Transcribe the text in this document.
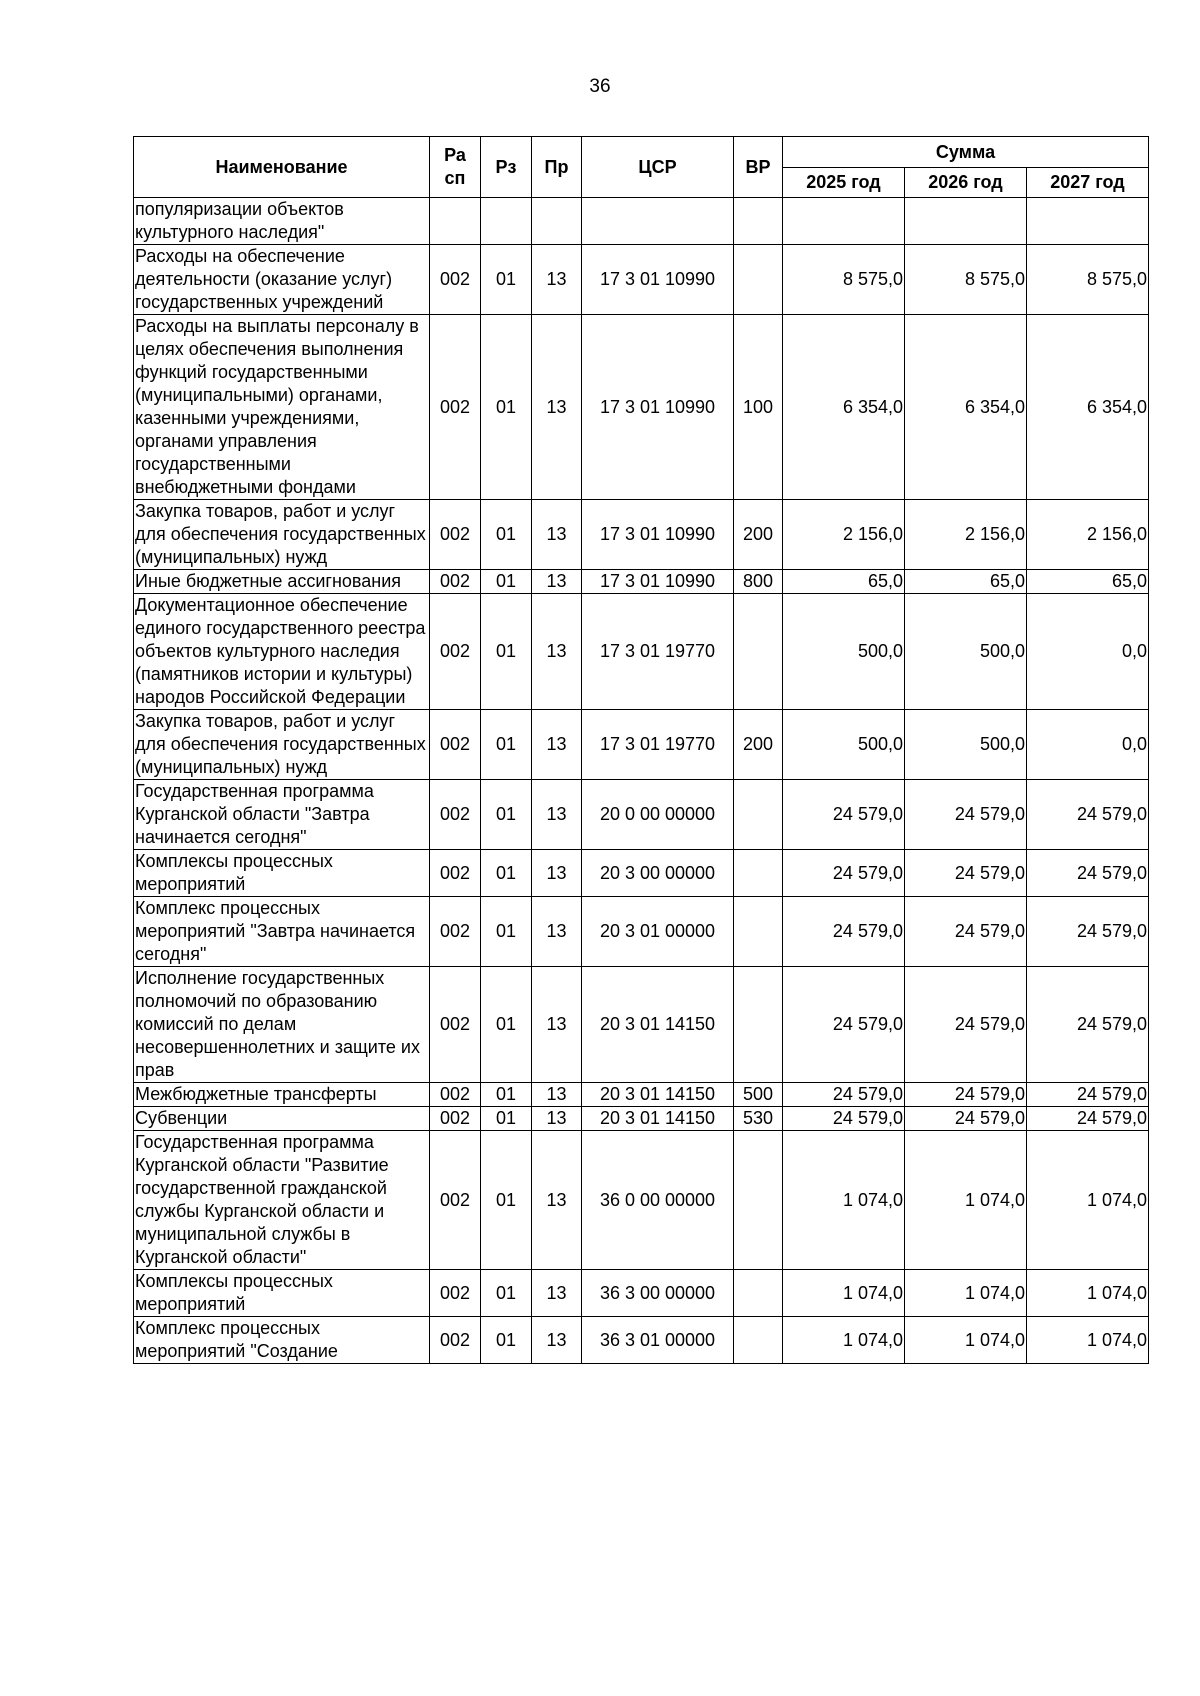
36
Наименование	Ра сп	Рз	Пр	ЦСР	ВР	Сумма		
						2025 год	2026 год	2027 год
популяризации объектов культурного наследия"								
Расходы на обеспечение деятельности (оказание услуг) государственных учреждений	002	01	13	17 3 01 10990		8 575,0	8 575,0	8 575,0
Расходы на выплаты персоналу в целях обеспечения выполнения функций государственными (муниципальными) органами, казенными учреждениями, органами управления государственными внебюджетными фондами	002	01	13	17 3 01 10990	100	6 354,0	6 354,0	6 354,0
Закупка товаров, работ и услуг для обеспечения государственных (муниципальных) нужд	002	01	13	17 3 01 10990	200	2 156,0	2 156,0	2 156,0
Иные бюджетные ассигнования	002	01	13	17 3 01 10990	800	65,0	65,0	65,0
Документационное обеспечение единого государственного реестра объектов культурного наследия (памятников истории и культуры) народов Российской Федерации	002	01	13	17 3 01 19770		500,0	500,0	0,0
Закупка товаров, работ и услуг для обеспечения государственных (муниципальных) нужд	002	01	13	17 3 01 19770	200	500,0	500,0	0,0
Государственная программа Курганской области "Завтра начинается сегодня"	002	01	13	20 0 00 00000		24 579,0	24 579,0	24 579,0
Комплексы процессных мероприятий	002	01	13	20 3 00 00000		24 579,0	24 579,0	24 579,0
Комплекс процессных мероприятий "Завтра начинается сегодня"	002	01	13	20 3 01 00000		24 579,0	24 579,0	24 579,0
Исполнение государственных полномочий по образованию комиссий по делам несовершеннолетних и защите их прав	002	01	13	20 3 01 14150		24 579,0	24 579,0	24 579,0
Межбюджетные трансферты	002	01	13	20 3 01 14150	500	24 579,0	24 579,0	24 579,0
Субвенции	002	01	13	20 3 01 14150	530	24 579,0	24 579,0	24 579,0
Государственная программа Курганской области "Развитие государственной гражданской службы Курганской области и муниципальной службы в Курганской области"	002	01	13	36 0 00 00000		1 074,0	1 074,0	1 074,0
Комплексы процессных мероприятий	002	01	13	36 3 00 00000		1 074,0	1 074,0	1 074,0
Комплекс процессных мероприятий "Создание	002	01	13	36 3 01 00000		1 074,0	1 074,0	1 074,0
